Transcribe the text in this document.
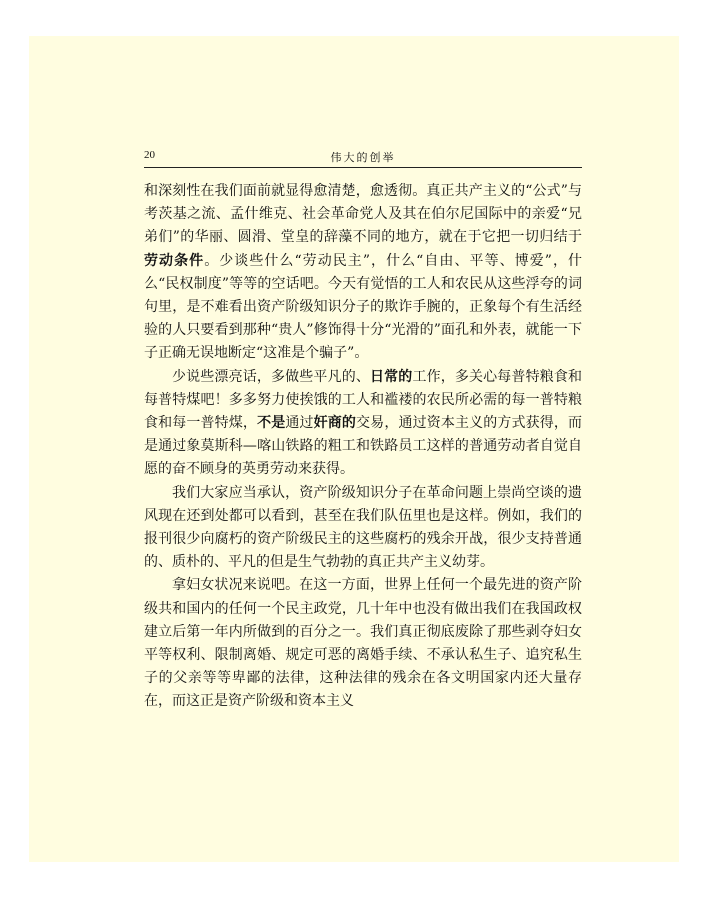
20	伟大的创举

和深刻性在我们面前就显得愈清楚，愈透彻。真正共产主义的“公式”与考茨基之流、孟什维克、社会革命党人及其在伯尔尼国际中的亲爱“兄弟们”的华丽、圆滑、堂皇的辞藻不同的地方，就在于它把一切归结于劳动条件。少谈些什么“劳动民主”，什么“自由、平等、博爱”，什么“民权制度”等等的空话吧。今天有觉悟的工人和农民从这些浮夸的词句里，是不难看出资产阶级知识分子的欺诈手腕的，正象每个有生活经验的人只要看到那种“贵人”修饰得十分“光滑的”面孔和外表，就能一下子正确无误地断定“这准是个骗子”。

少说些漂亮话，多做些平凡的、日常的工作，多关心每普特粮食和每普特煤吧！多多努力使挨饿的工人和褴褛的农民所必需的每一普特粮食和每一普特煤，不是通过奸商的交易，通过资本主义的方式获得，而是通过象莫斯科—喀山铁路的粗工和铁路员工这样的普通劳动者自觉自愿的奋不顾身的英勇劳动来获得。

我们大家应当承认，资产阶级知识分子在革命问题上崇尚空谈的遗风现在还到处都可以看到，甚至在我们队伍里也是这样。例如，我们的报刊很少向腐朽的资产阶级民主的这些腐朽的残余开战，很少支持普通的、质朴的、平凡的但是生气勃勃的真正共产主义幼芽。

拿妇女状况来说吧。在这一方面，世界上任何一个最先进的资产阶级共和国内的任何一个民主政党，几十年中也没有做出我们在我国政权建立后第一年内所做到的百分之一。我们真正彻底废除了那些剥夺妇女平等权利、限制离婚、规定可恶的离婚手续、不承认私生子、追究私生子的父亲等等卑鄙的法律，这种法律的残余在各文明国家内还大量存在，而这正是资产阶级和资本主义
